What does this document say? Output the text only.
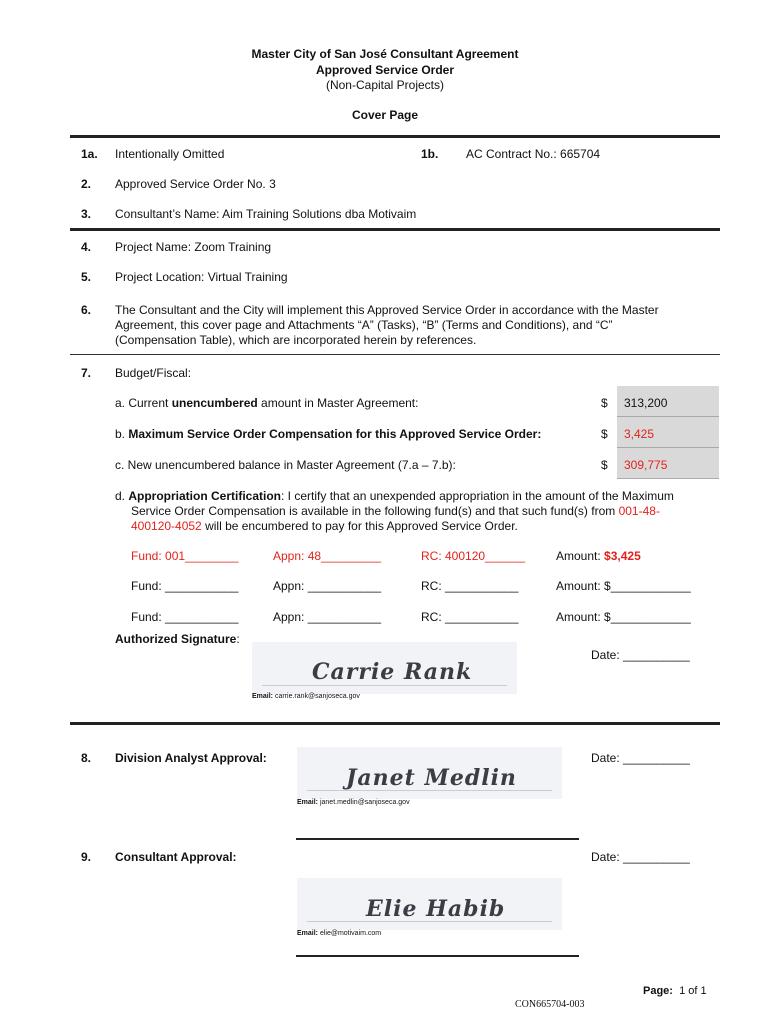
Master City of San José Consultant Agreement
Approved Service Order
(Non-Capital Projects)
Cover Page
1a. Intentionally Omitted	1b. AC Contract No.: 665704
2. Approved Service Order No. 3
3. Consultant’s Name: Aim Training Solutions dba Motivaim
4. Project Name: Zoom Training
5. Project Location: Virtual Training
6. The Consultant and the City will implement this Approved Service Order in accordance with the Master
Agreement, this cover page and Attachments “A” (Tasks), “B” (Terms and Conditions), and “C”
(Compensation Table), which are incorporated herein by references.
7. Budget/Fiscal:
a. Current unencumbered amount in Master Agreement:	$ 313,200
b. Maximum Service Order Compensation for this Approved Service Order:	$ 3,425
c. New unencumbered balance in Master Agreement (7.a – 7.b):	$ 309,775
d. Appropriation Certification: I certify that an unexpended appropriation in the amount of the Maximum
Service Order Compensation is available in the following fund(s) and that such fund(s) from 001-48-
400120-4052 will be encumbered to pay for this Approved Service Order.
Fund: 001________	Appn: 48_________	RC: 400120______	Amount: $3,425
Fund: ___________	Appn: ___________	RC: ___________	Amount: $____________
Fund: ___________	Appn: ___________	RC: ___________	Amount: $____________
Authorized Signature:
Date: __________
Carrie Rank
Email: carrie.rank@sanjoseca.gov
8. Division Analyst Approval:	Date: __________
Janet Medlin
Email: janet.medlin@sanjoseca.gov
9. Consultant Approval:	Date: __________
Elie Habib
Email: elie@motivaim.com
Page: 1 of 1
CON665704-003
